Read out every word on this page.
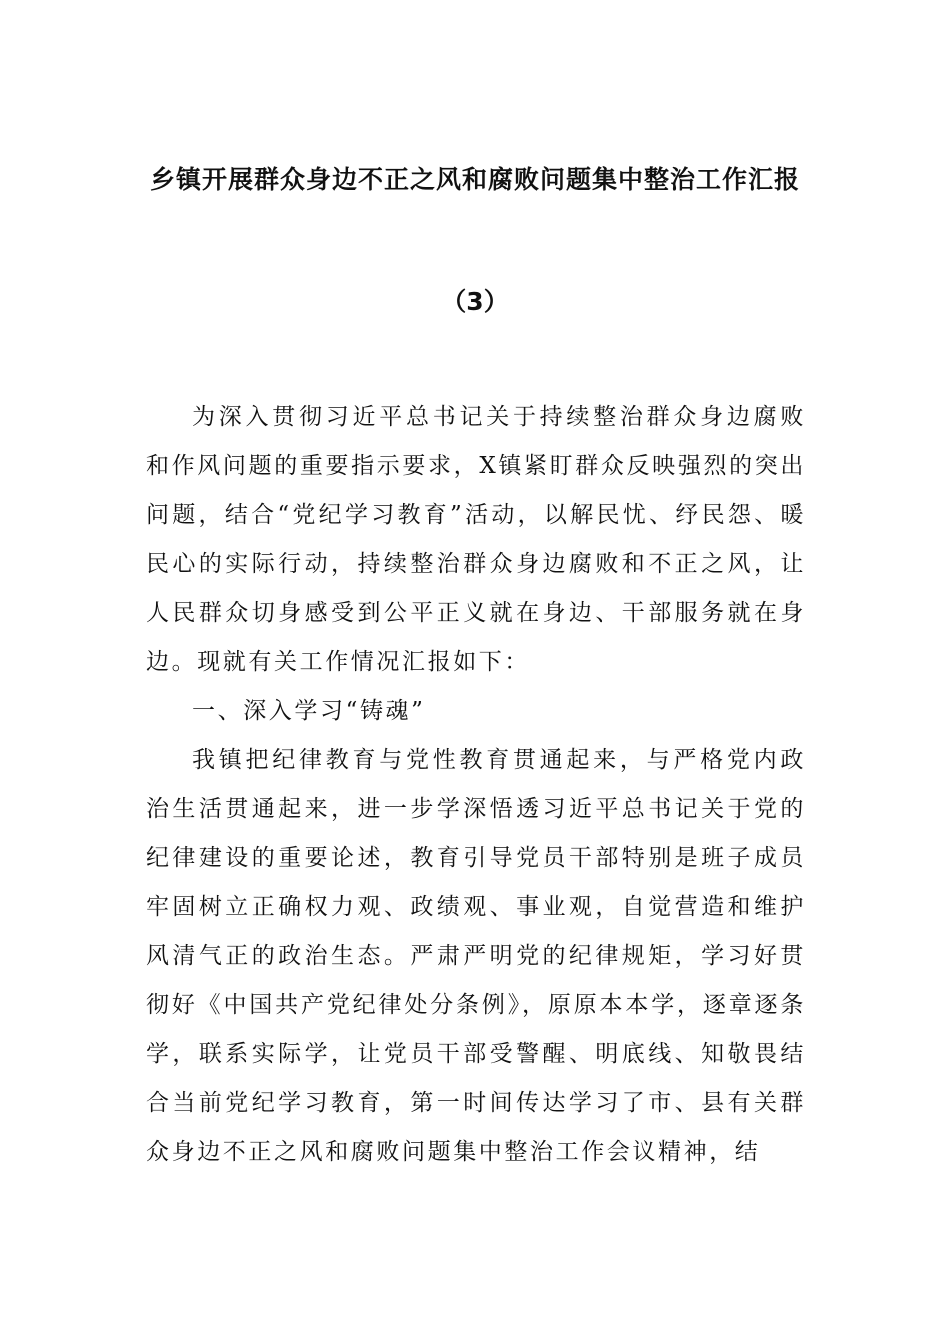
乡镇开展群众身边不正之风和腐败问题集中整治工作汇报
（3）

为深入贯彻习近平总书记关于持续整治群众身边腐败和作风问题的重要指示要求，X镇紧盯群众反映强烈的突出问题，结合“党纪学习教育”活动，以解民忧、纾民怨、暖民心的实际行动，持续整治群众身边腐败和不正之风，让人民群众切身感受到公平正义就在身边、干部服务就在身边。现就有关工作情况汇报如下：

一、深入学习“铸魂”

我镇把纪律教育与党性教育贯通起来，与严格党内政治生活贯通起来，进一步学深悟透习近平总书记关于党的纪律建设的重要论述，教育引导党员干部特别是班子成员牢固树立正确权力观、政绩观、事业观，自觉营造和维护风清气正的政治生态。严肃严明党的纪律规矩，学习好贯彻好《中国共产党纪律处分条例》，原原本本学，逐章逐条学，联系实际学，让党员干部受警醒、明底线、知敬畏结合当前党纪学习教育，第一时间传达学习了市、县有关群众身边不正之风和腐败问题集中整治工作会议精神，结
